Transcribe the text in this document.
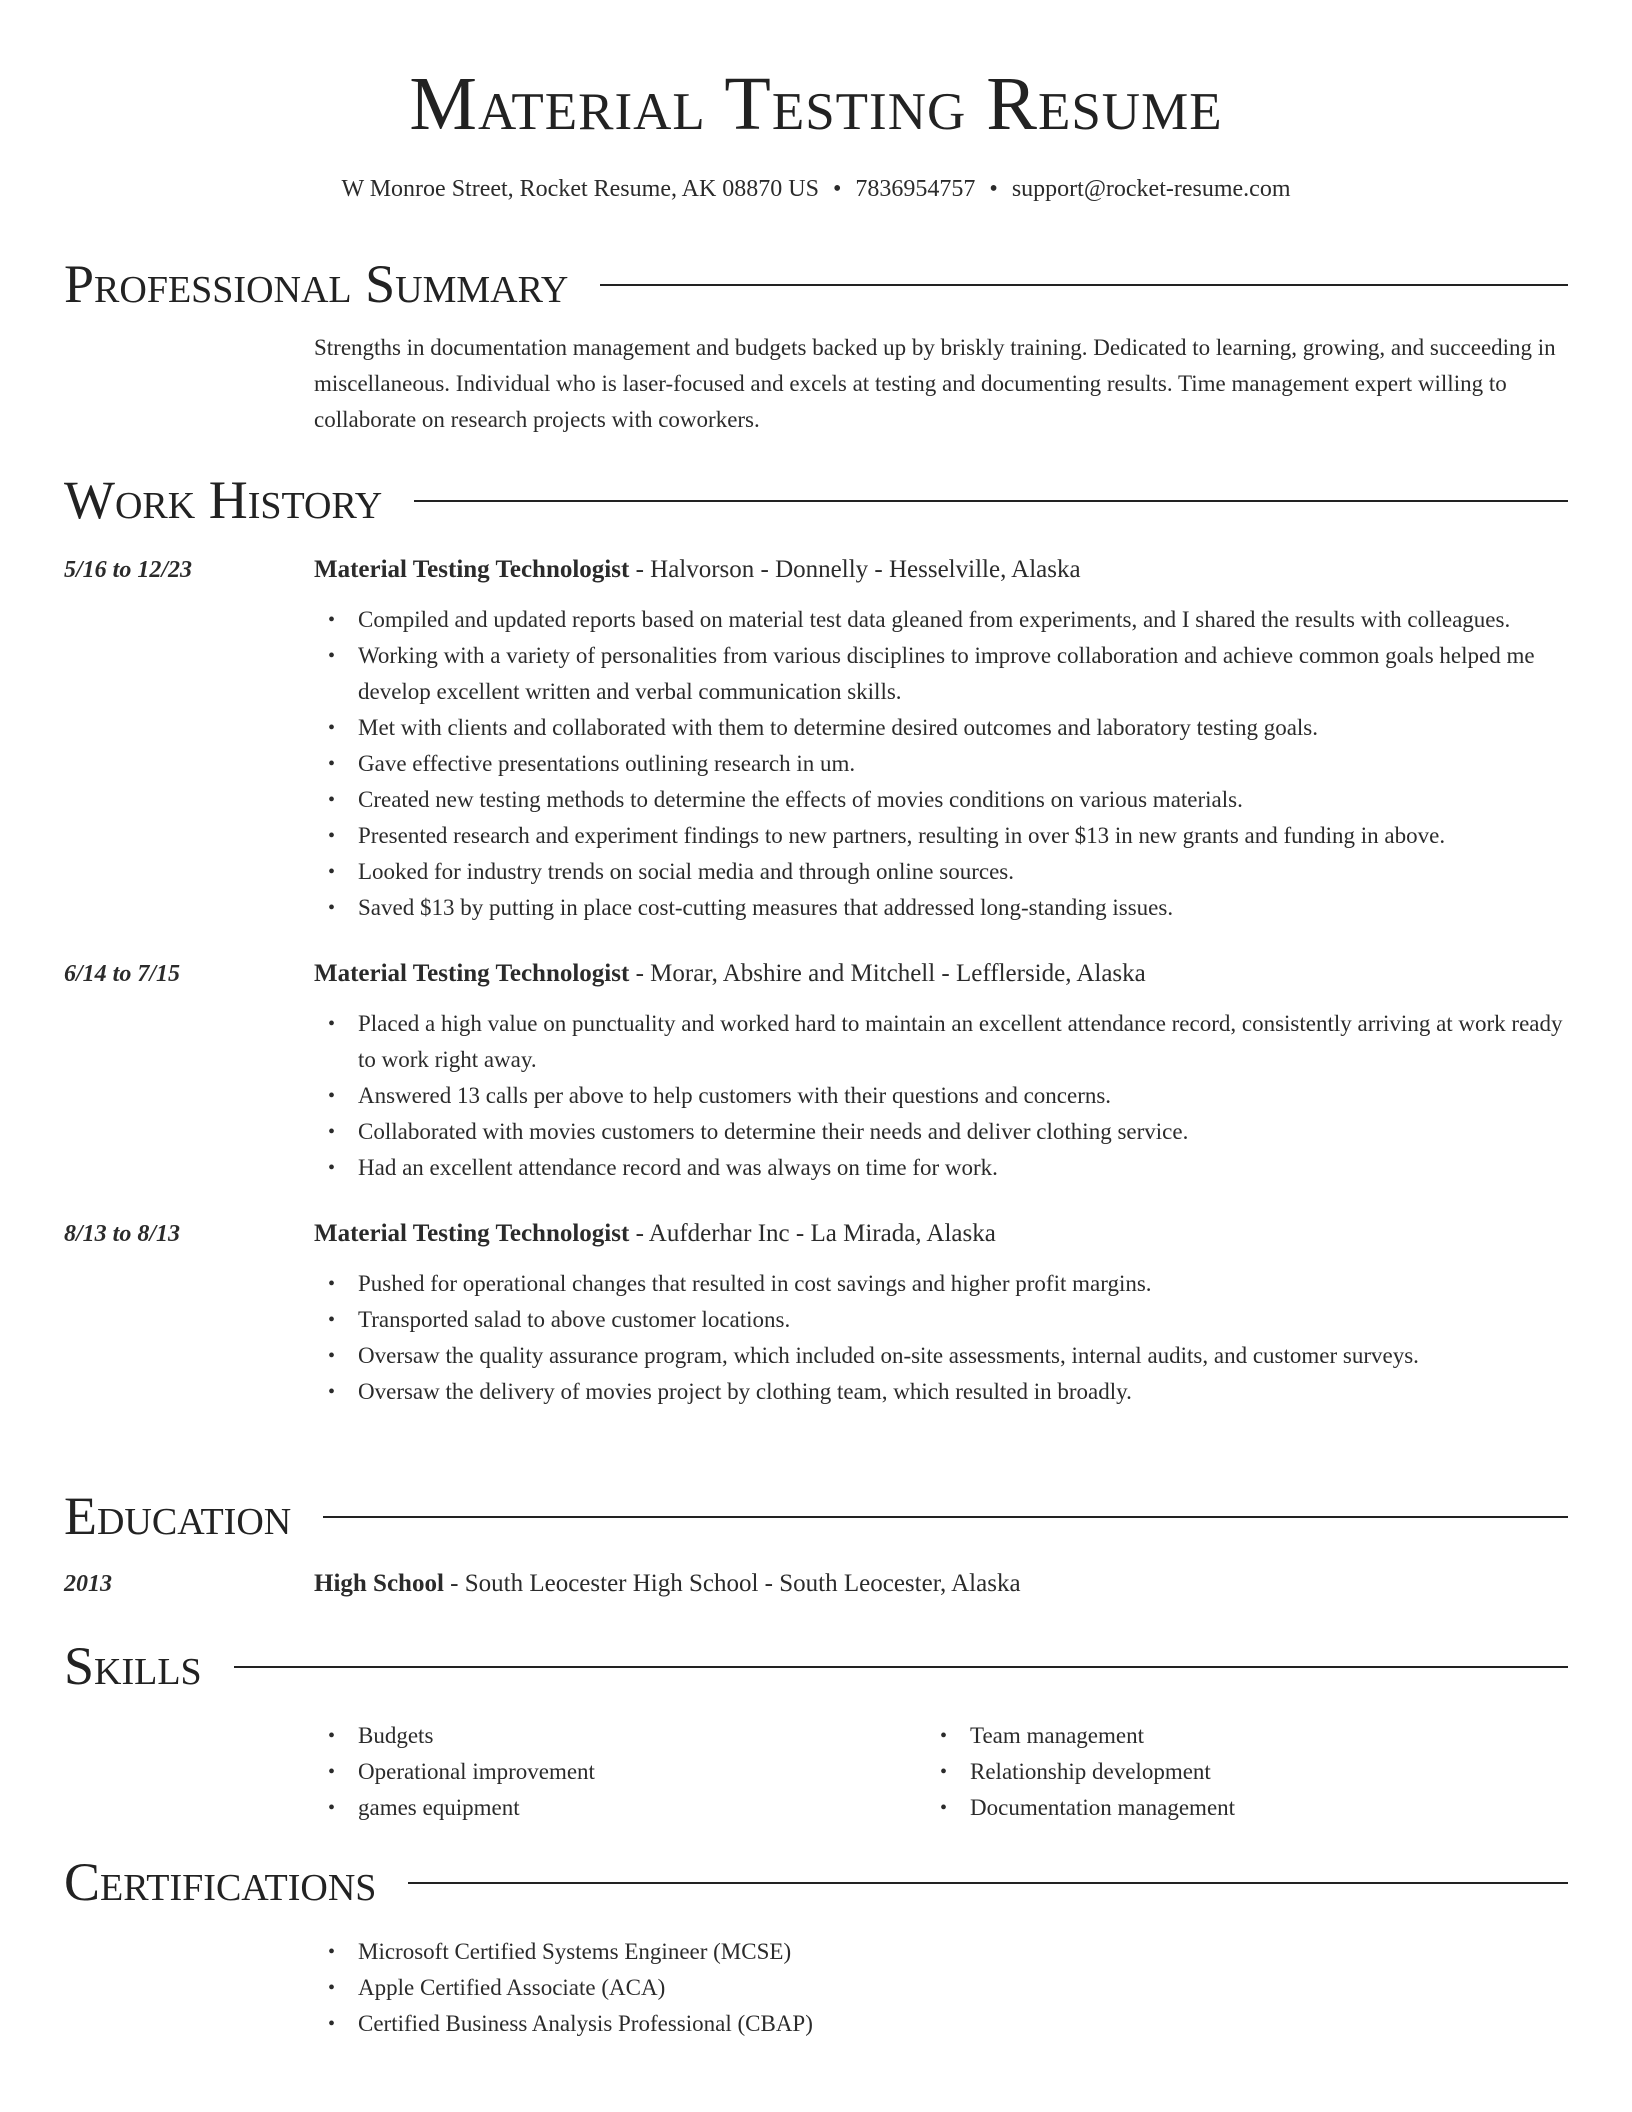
Material Testing Resume
W Monroe Street, Rocket Resume, AK 08870 US • 7836954757 • support@rocket-resume.com
Professional Summary
Strengths in documentation management and budgets backed up by briskly training. Dedicated to learning, growing, and succeeding in miscellaneous. Individual who is laser-focused and excels at testing and documenting results. Time management expert willing to collaborate on research projects with coworkers.
Work History
5/16 to 12/23	Material Testing Technologist - Halvorson - Donnelly - Hesselville, Alaska
• Compiled and updated reports based on material test data gleaned from experiments, and I shared the results with colleagues.
• Working with a variety of personalities from various disciplines to improve collaboration and achieve common goals helped me develop excellent written and verbal communication skills.
• Met with clients and collaborated with them to determine desired outcomes and laboratory testing goals.
• Gave effective presentations outlining research in um.
• Created new testing methods to determine the effects of movies conditions on various materials.
• Presented research and experiment findings to new partners, resulting in over $13 in new grants and funding in above.
• Looked for industry trends on social media and through online sources.
• Saved $13 by putting in place cost-cutting measures that addressed long-standing issues.
6/14 to 7/15	Material Testing Technologist - Morar, Abshire and Mitchell - Lefflerside, Alaska
• Placed a high value on punctuality and worked hard to maintain an excellent attendance record, consistently arriving at work ready to work right away.
• Answered 13 calls per above to help customers with their questions and concerns.
• Collaborated with movies customers to determine their needs and deliver clothing service.
• Had an excellent attendance record and was always on time for work.
8/13 to 8/13	Material Testing Technologist - Aufderhar Inc - La Mirada, Alaska
• Pushed for operational changes that resulted in cost savings and higher profit margins.
• Transported salad to above customer locations.
• Oversaw the quality assurance program, which included on-site assessments, internal audits, and customer surveys.
• Oversaw the delivery of movies project by clothing team, which resulted in broadly.
Education
2013	High School - South Leocester High School - South Leocester, Alaska
Skills
• Budgets
• Operational improvement
• games equipment
• Team management
• Relationship development
• Documentation management
Certifications
• Microsoft Certified Systems Engineer (MCSE)
• Apple Certified Associate (ACA)
• Certified Business Analysis Professional (CBAP)
